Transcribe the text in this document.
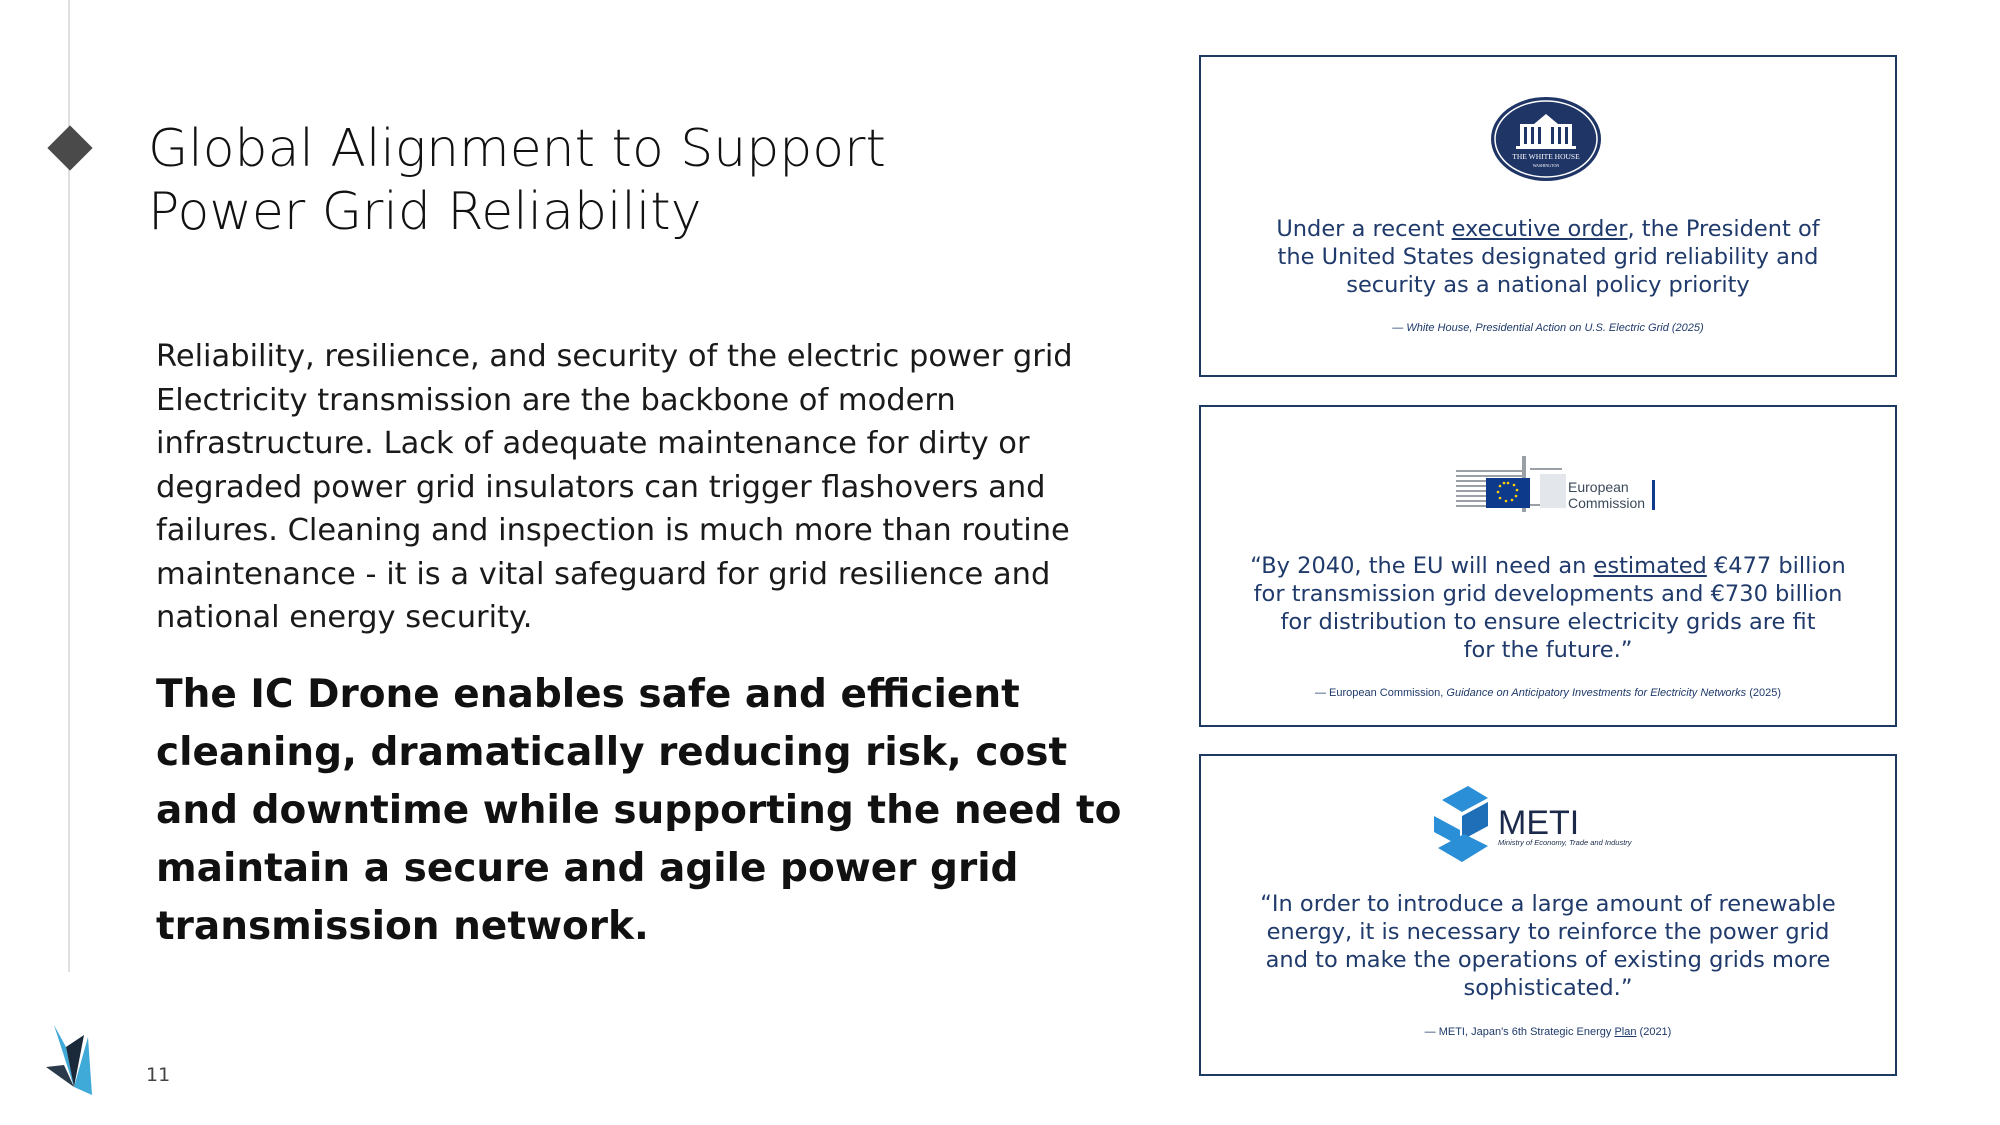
Global Alignment to Support
Power Grid Reliability
Reliability, resilience, and security of the electric power grid
Electricity transmission are the backbone of modern
infrastructure. Lack of adequate maintenance for dirty or
degraded power grid insulators can trigger flashovers and
failures. Cleaning and inspection is much more than routine
maintenance - it is a vital safeguard for grid resilience and
national energy security.
The IC Drone enables safe and efficient
cleaning, dramatically reducing risk, cost
and downtime while supporting the need to
maintain a secure and agile power grid
transmission network.
11
THE WHITE HOUSE
WASHINGTON
Under a recent executive order, the President of
the United States designated grid reliability and
security as a national policy priority
— White House, Presidential Action on U.S. Electric Grid (2025)
European
Commission
“By 2040, the EU will need an estimated €477 billion
for transmission grid developments and €730 billion
for distribution to ensure electricity grids are fit
for the future.”
— European Commission, Guidance on Anticipatory Investments for Electricity Networks (2025)
METI
Ministry of Economy, Trade and Industry
“In order to introduce a large amount of renewable
energy, it is necessary to reinforce the power grid
and to make the operations of existing grids more
sophisticated.”
— METI, Japan's 6th Strategic Energy Plan (2021)
